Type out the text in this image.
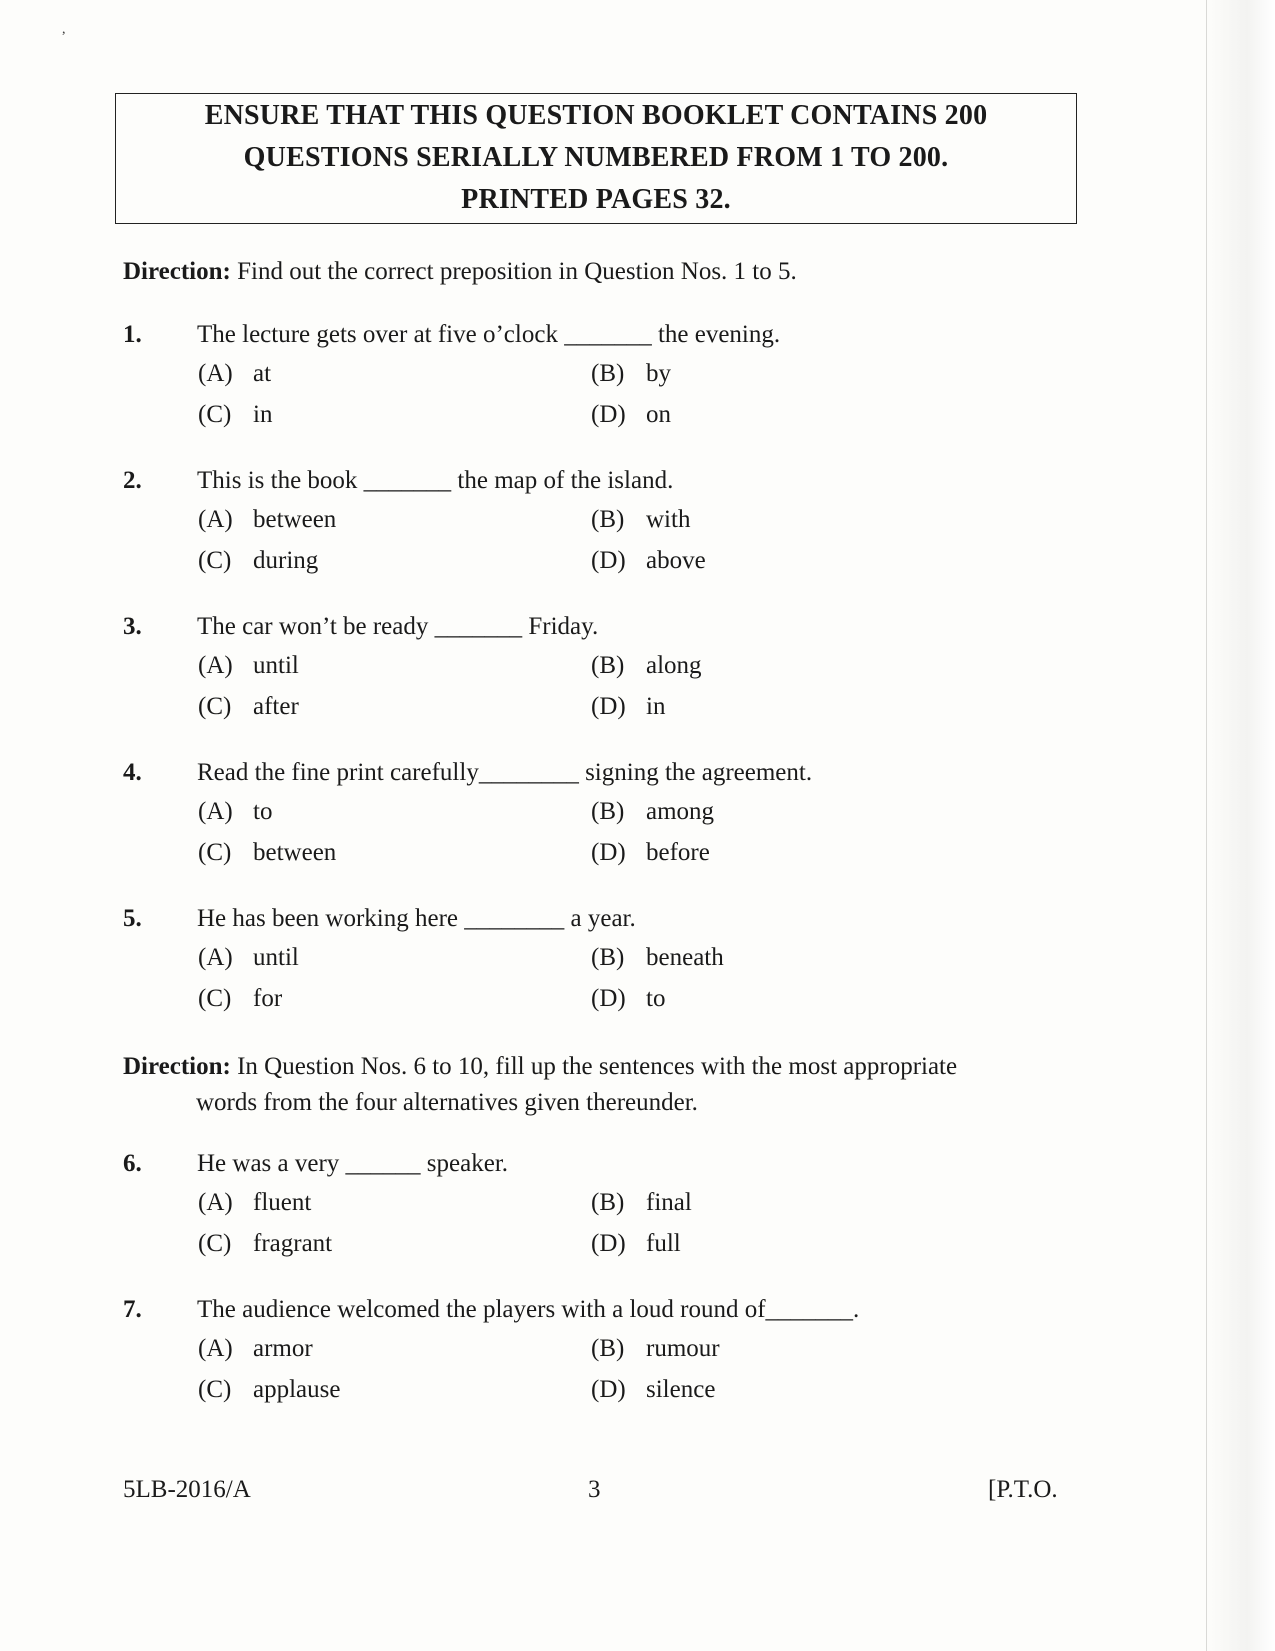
,
ENSURE THAT THIS QUESTION BOOKLET CONTAINS 200
QUESTIONS SERIALLY NUMBERED FROM 1 TO 200.
PRINTED PAGES 32.
Direction: Find out the correct preposition in Question Nos. 1 to 5.
Direction: In Question Nos. 6 to 10, fill up the sentences with the most appropriate
words from the four alternatives given thereunder.
1. The lecture gets over at five o’clock _______ the evening.
(A) at	(B) by
(C) in	(D) on
2. This is the book _______ the map of the island.
(A) between	(B) with
(C) during	(D) above
3. The car won’t be ready _______ Friday.
(A) until	(B) along
(C) after	(D) in
4. Read the fine print carefully________ signing the agreement.
(A) to	(B) among
(C) between	(D) before
5. He has been working here ________ a year.
(A) until	(B) beneath
(C) for	(D) to
6. He was a very ______ speaker.
(A) fluent	(B) final
(C) fragrant	(D) full
7. The audience welcomed the players with a loud round of_______.
(A) armor	(B) rumour
(C) applause	(D) silence
5LB-2016/A	3	[P.T.O.
